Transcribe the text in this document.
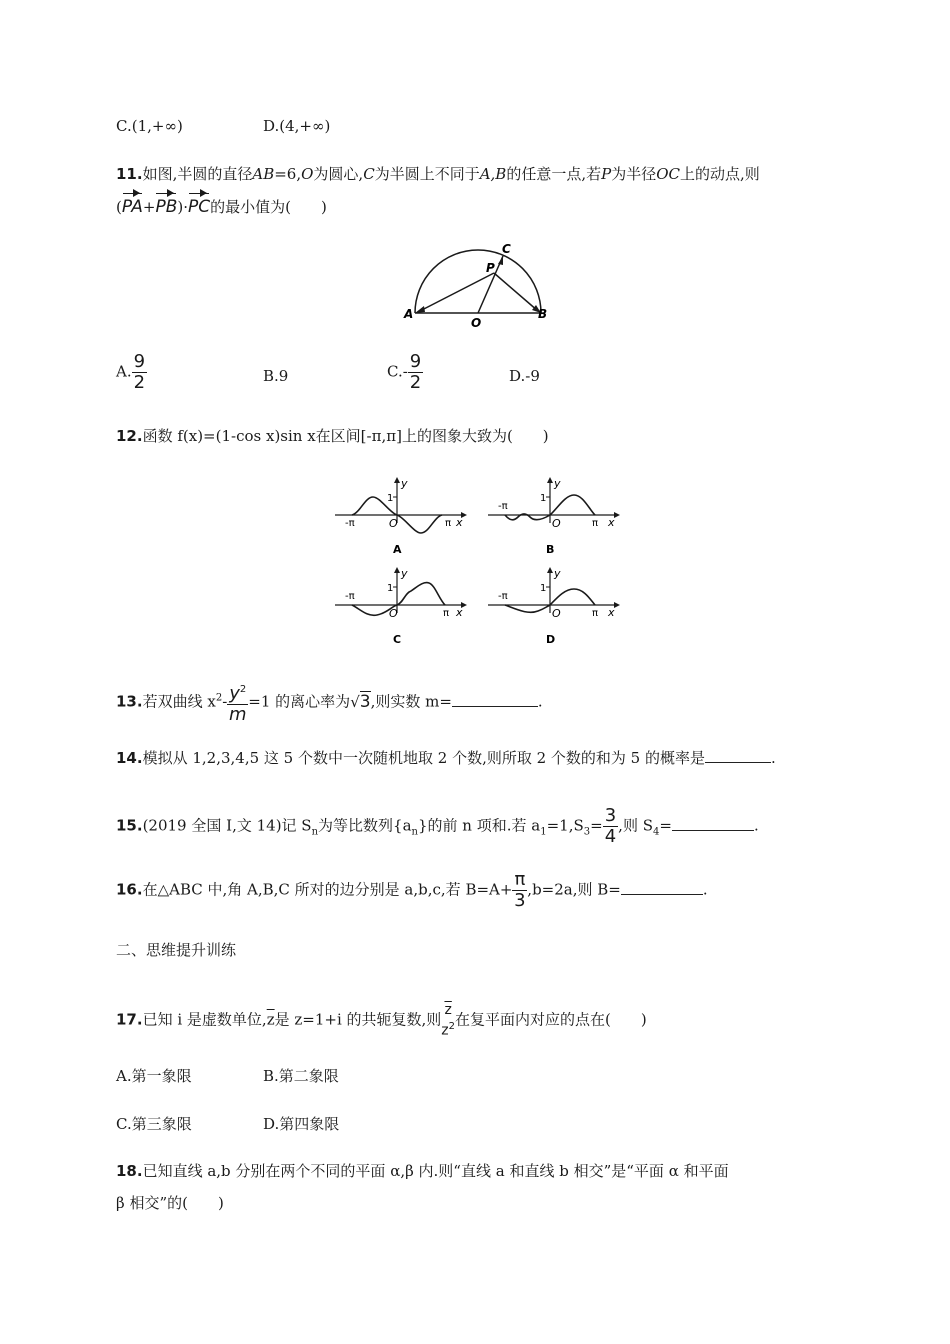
C.(1,+∞)	D.(4,+∞)
11.如图,半圆的直径AB=6,O为圆心,C为半圆上不同于A,B的任意一点,若P为半径OC上的动点,则
(PA+PB)·PC的最小值为(　　)
A
O
B
P
C
A. $\frac{9}{2}$	B.9	$C.- \frac{9}{2}$	D.-9
12.函数 f(x)=(1-cos x)sin x在区间[-π,π]上的图象大致为(　　)
-π	π
1
O	x
y
A
-π
π
1
O	x
y
B
-π
π
1
O	x
y
C
-π
π
1
O	x
y
D
13.若双曲线 $x^2- \frac{y^2}{m} =1$ 的离心率为√3,则实数 m=	.
14.模拟从 1,2,3,4,5 这 5 个数中一次随机地取 2 个数,则所取 2 个数的和为 5 的概率是	.
15.(2019 全国 Ⅰ,文 14)记 $S_n$为等比数列$\{a_n\}$的前 n 项和.若 $a_1=1,S_3= \frac{3}{4}$ ,则 $S_4=$	.
16.在△ABC 中,角 A,B,C 所对的边分别是 a,b,c,若 $B=A+ \frac{\pi}{3} ,b=2a$,则 B=	.
二、思维提升训练
17.已知 i 是虚数单位$,\overline{z}$是 z=1+i 的共轭复数,则
$\overline{z}$
$z^2$ 在复平面内对应的点在(　　)
A.第一象限	B.第二象限
C.第三象限	D.第四象限
18.已知直线 a,b 分别在两个不同的平面 α,β 内.则“直线 a 和直线 b 相交”是“平面 α 和平面
β 相交”的(　　)
